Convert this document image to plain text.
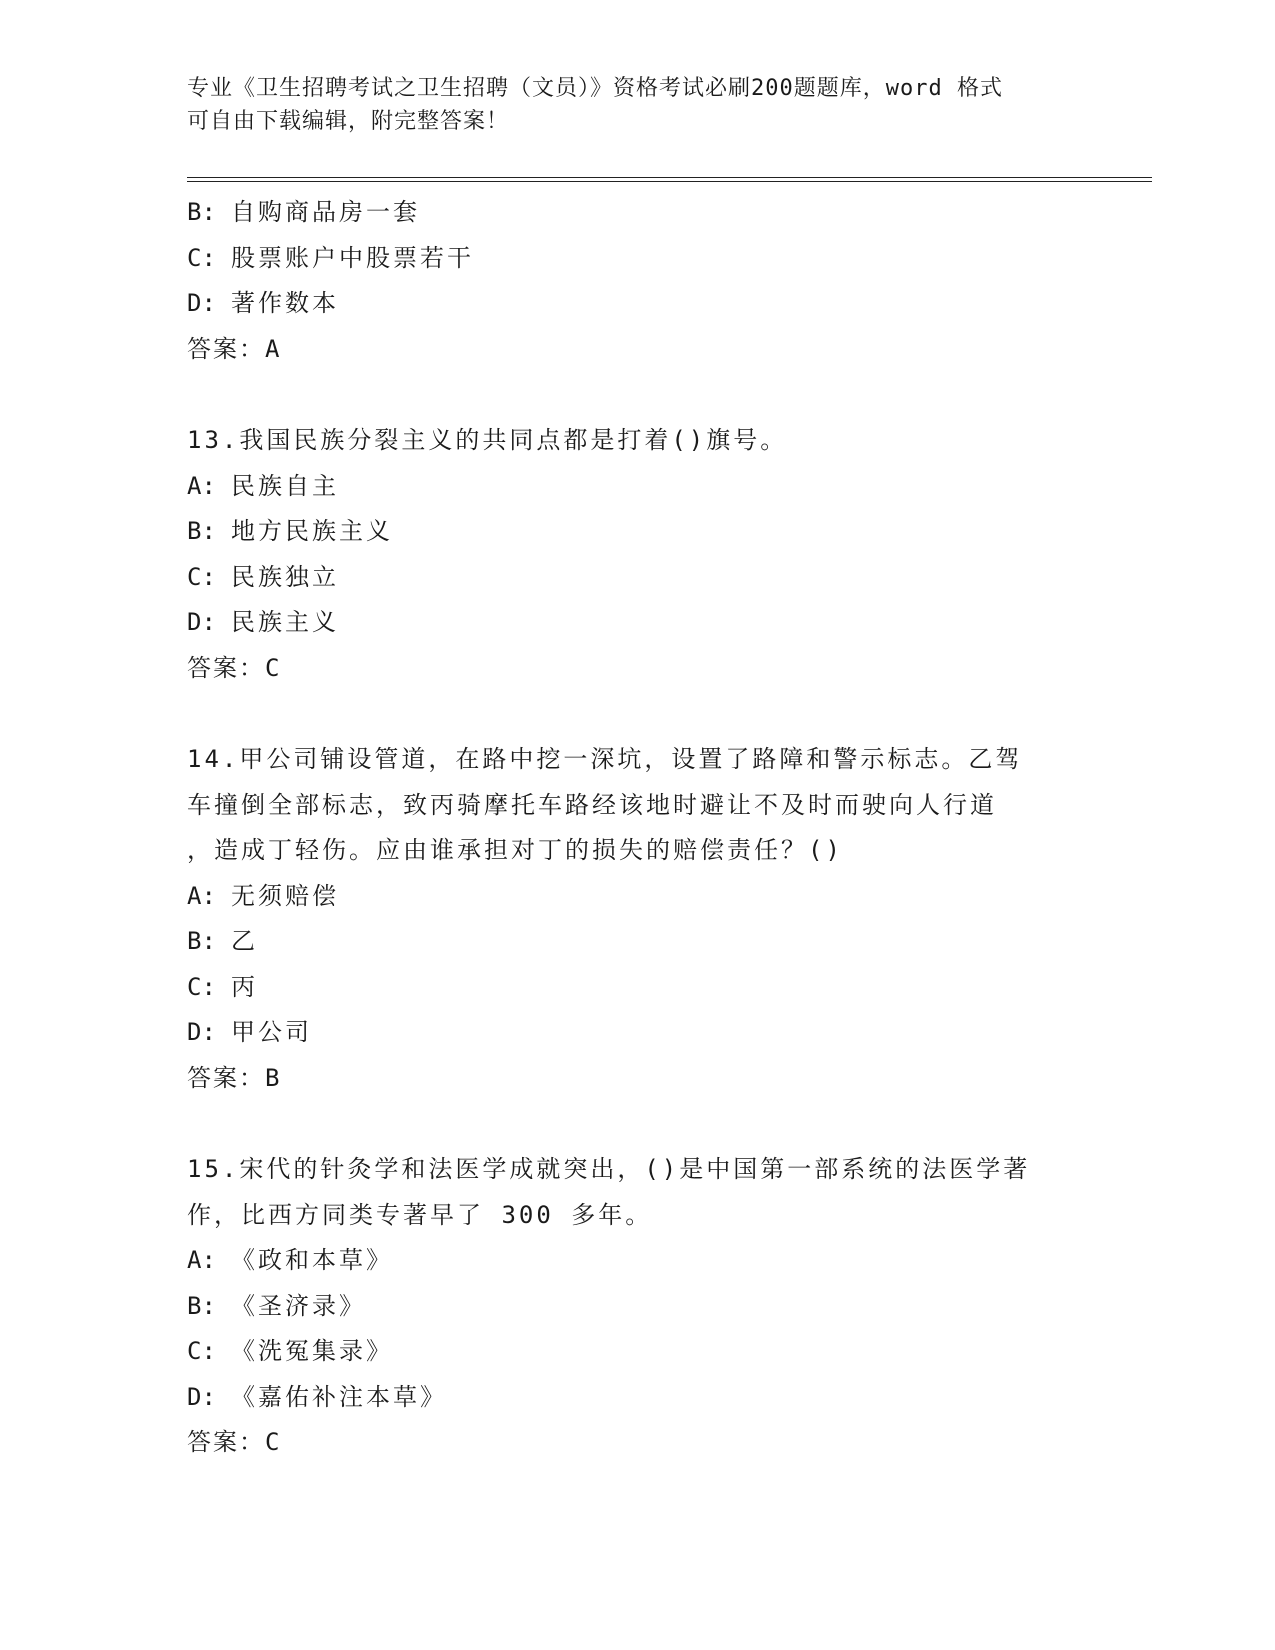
专业《卫生招聘考试之卫生招聘（文员）》资格考试必刷200题题库，word 格式
可自由下载编辑，附完整答案！
B: 自购商品房一套
C: 股票账户中股票若干
D: 著作数本
答案：A
13.我国民族分裂主义的共同点都是打着()旗号。
A: 民族自主
B: 地方民族主义
C: 民族独立
D: 民族主义
答案：C
14.甲公司铺设管道，在路中挖一深坑，设置了路障和警示标志。乙驾
车撞倒全部标志，致丙骑摩托车路经该地时避让不及时而驶向人行道
，造成丁轻伤。应由谁承担对丁的损失的赔偿责任？()
A: 无须赔偿
B: 乙
C: 丙
D: 甲公司
答案：B
15.宋代的针灸学和法医学成就突出，()是中国第一部系统的法医学著
作，比西方同类专著早了 300 多年。
A: 《政和本草》
B: 《圣济录》
C: 《洗冤集录》
D: 《嘉佑补注本草》
答案：C
